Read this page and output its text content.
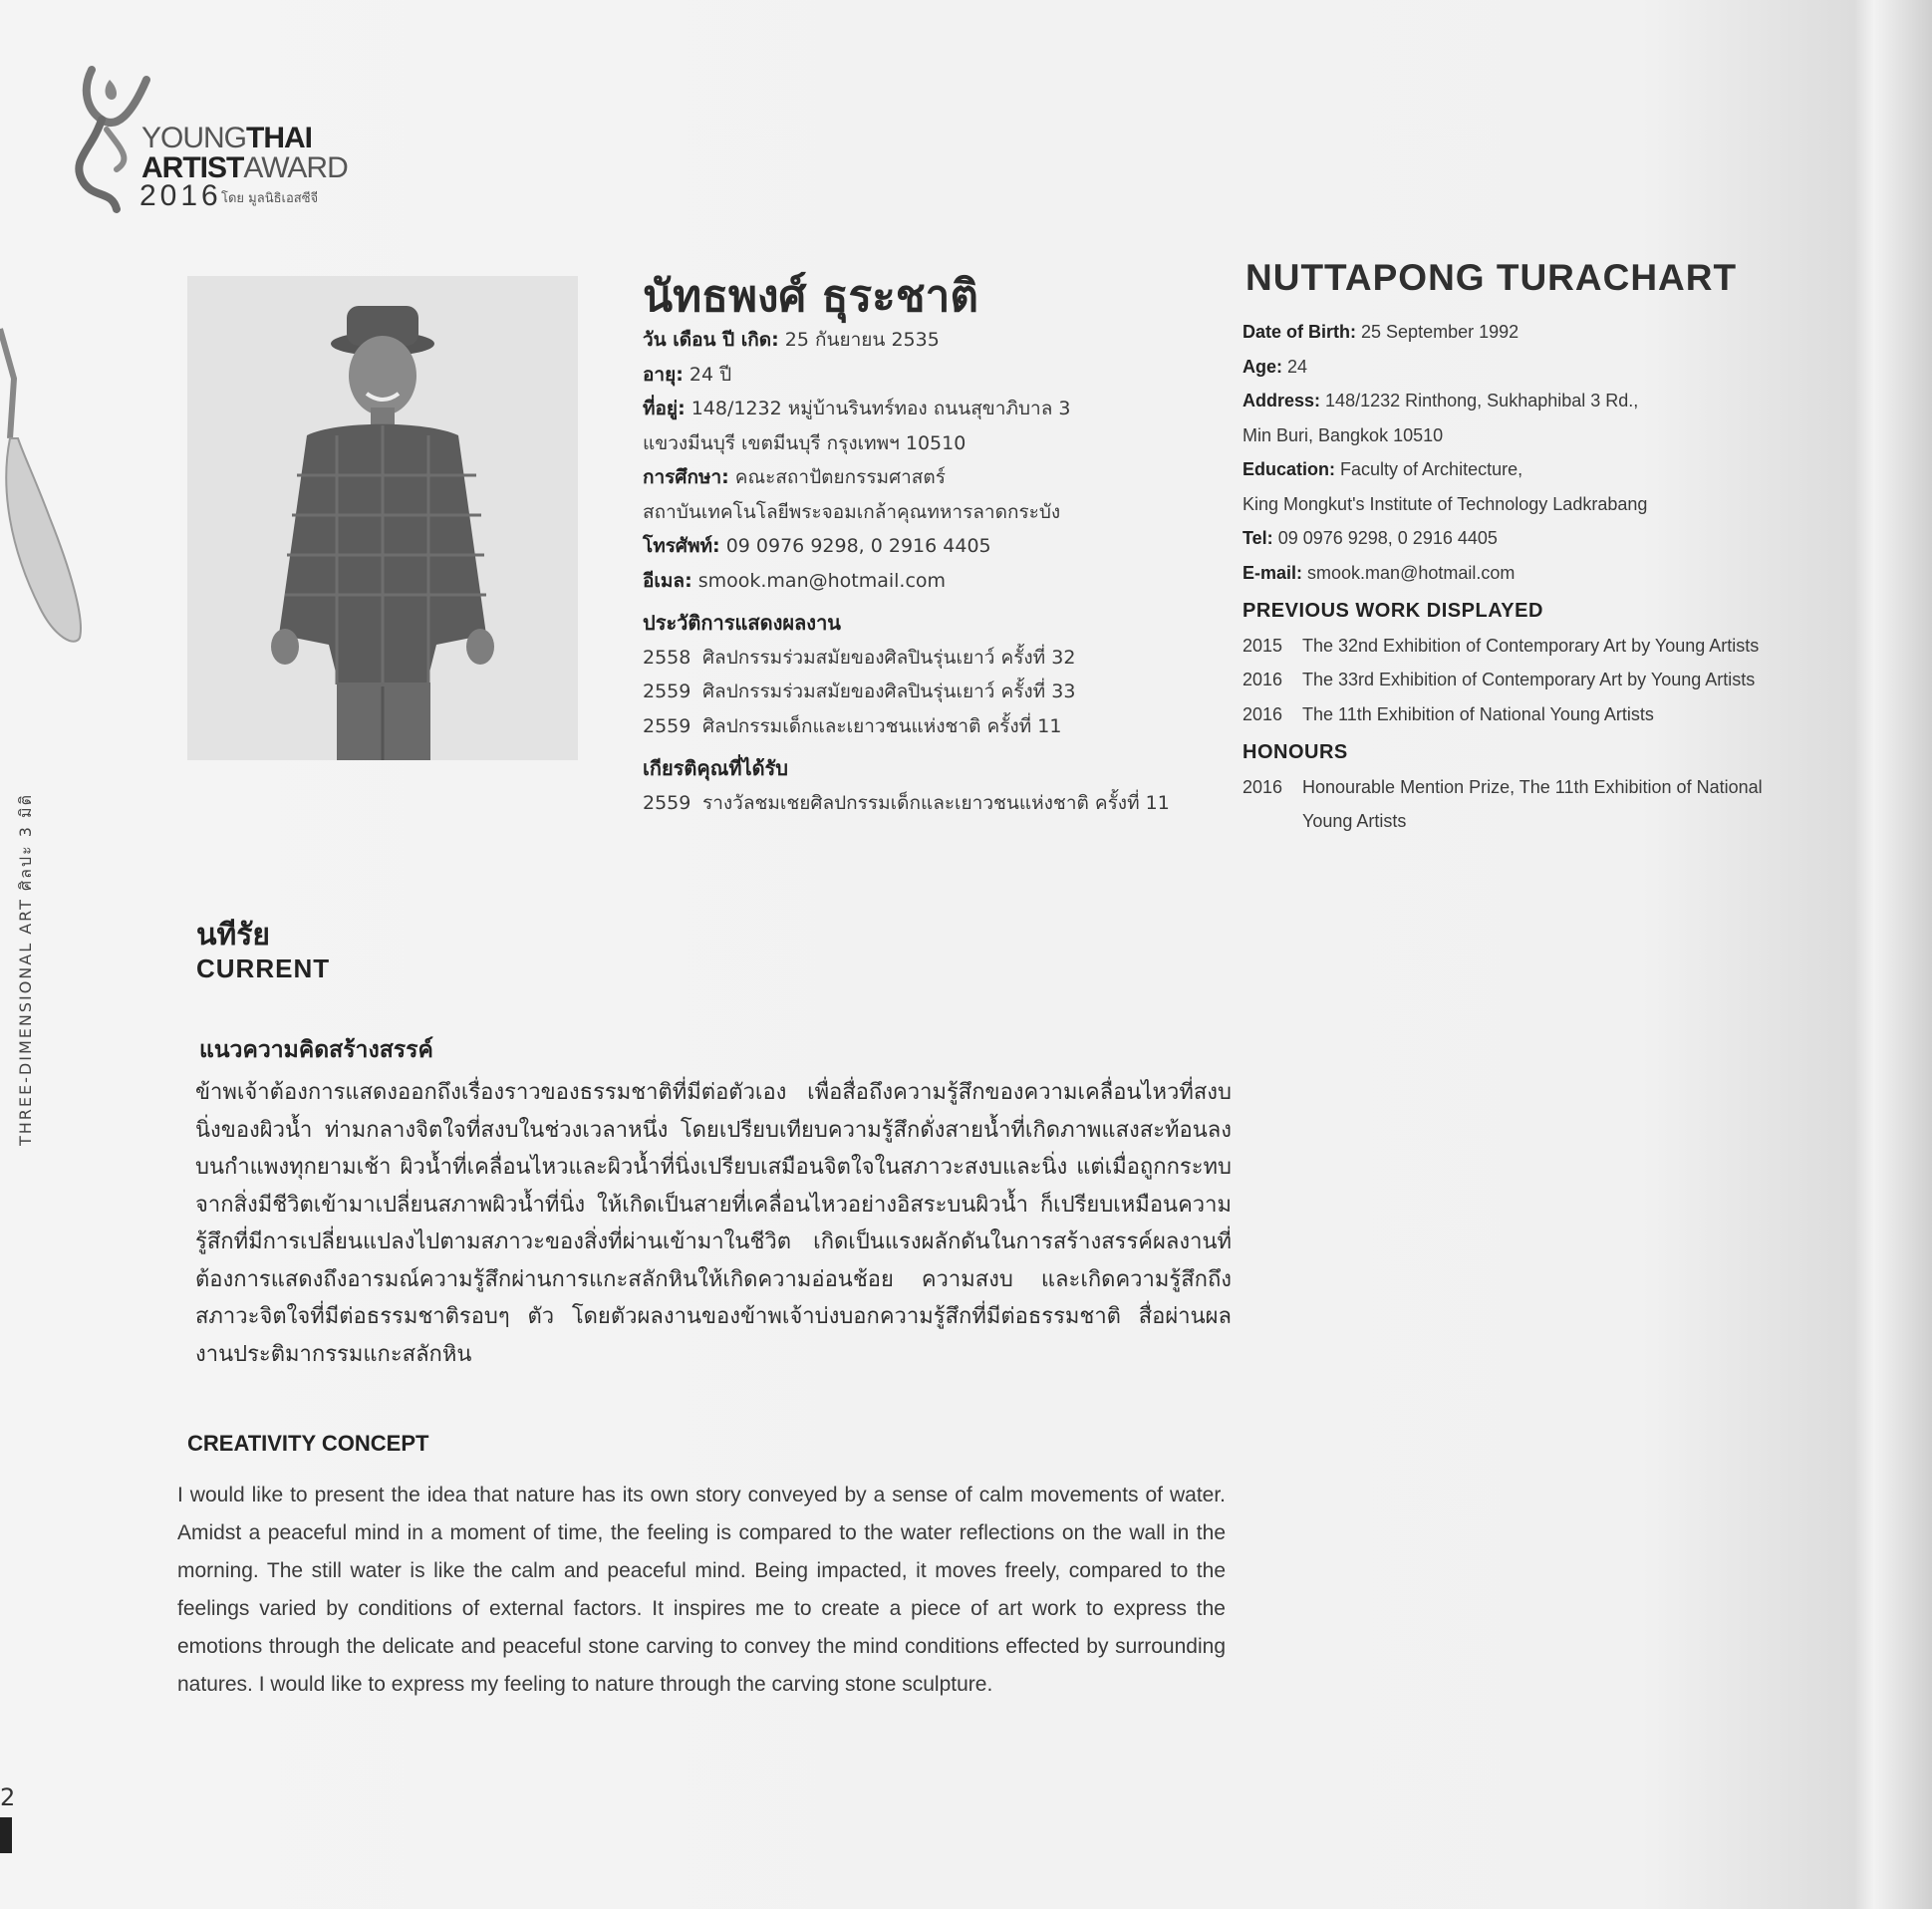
YOUNGTHAI
ARTISTAWARD
2016 โดย มูลนิธิเอสซีจี
นัทธพงศ์ ธุระชาติ	NUTTAPONG TURACHART
วัน เดือน ปี เกิด: 25 กันยายน 2535
อายุ: 24 ปี
ที่อยู่: 148/1232 หมู่บ้านรินทร์ทอง ถนนสุขาภิบาล 3
แขวงมีนบุรี เขตมีนบุรี กรุงเทพฯ 10510
การศึกษา: คณะสถาปัตยกรรมศาสตร์
สถาบันเทคโนโลยีพระจอมเกล้าคุณทหารลาดกระบัง
โทรศัพท์: 09 0976 9298, 0 2916 4405
อีเมล: smook.man@hotmail.com
ประวัติการแสดงผลงาน
2558 ศิลปกรรมร่วมสมัยของศิลปินรุ่นเยาว์ ครั้งที่ 32
2559 ศิลปกรรมร่วมสมัยของศิลปินรุ่นเยาว์ ครั้งที่ 33
2559 ศิลปกรรมเด็กและเยาวชนแห่งชาติ ครั้งที่ 11
เกียรติคุณที่ได้รับ
2559 รางวัลชมเชยศิลปกรรมเด็กและเยาวชนแห่งชาติ ครั้งที่ 11
Date of Birth: 25 September 1992
Age: 24
Address: 148/1232 Rinthong, Sukhaphibal 3 Rd.,
Min Buri, Bangkok 10510
Education: Faculty of Architecture,
King Mongkut's Institute of Technology Ladkrabang
Tel: 09 0976 9298, 0 2916 4405
E-mail: smook.man@hotmail.com
PREVIOUS WORK DISPLAYED
2015 The 32nd Exhibition of Contemporary Art by Young Artists
2016 The 33rd Exhibition of Contemporary Art by Young Artists
2016 The 11th Exhibition of National Young Artists
HONOURS
2016 Honourable Mention Prize, The 11th Exhibition of National Young Artists
นทีรัย
CURRENT
แนวความคิดสร้างสรรค์
ข้าพเจ้าต้องการแสดงออกถึงเรื่องราวของธรรมชาติที่มีต่อตัวเอง เพื่อสื่อถึงความรู้สึกของความเคลื่อนไหวที่สงบนิ่งของผิวน้ำ ท่ามกลางจิตใจที่สงบในช่วงเวลาหนึ่ง โดยเปรียบเทียบความรู้สึกดั่งสายน้ำที่เกิดภาพแสงสะท้อนลงบนกำแพงทุกยามเช้า ผิวน้ำที่เคลื่อนไหวและผิวน้ำที่นิ่งเปรียบเสมือนจิตใจในสภาวะสงบและนิ่ง แต่เมื่อถูกกระทบจากสิ่งมีชีวิตเข้ามาเปลี่ยนสภาพผิวน้ำที่นิ่ง ให้เกิดเป็นสายที่เคลื่อนไหวอย่างอิสระบนผิวน้ำ ก็เปรียบเหมือนความรู้สึกที่มีการเปลี่ยนแปลงไปตามสภาวะของสิ่งที่ผ่านเข้ามาในชีวิต เกิดเป็นแรงผลักดันในการสร้างสรรค์ผลงานที่ต้องการแสดงถึงอารมณ์ความรู้สึกผ่านการแกะสลักหินให้เกิดความอ่อนช้อย ความสงบ และเกิดความรู้สึกถึงสภาวะจิตใจที่มีต่อธรรมชาติรอบๆ ตัว โดยตัวผลงานของข้าพเจ้าบ่งบอกความรู้สึกที่มีต่อธรรมชาติ สื่อผ่านผลงานประติมากรรมแกะสลักหิน
CREATIVITY CONCEPT
I would like to present the idea that nature has its own story conveyed by a sense of calm movements of water. Amidst a peaceful mind in a moment of time, the feeling is compared to the water reflections on the wall in the morning. The still water is like the calm and peaceful mind. Being impacted, it moves freely, compared to the feelings varied by conditions of external factors. It inspires me to create a piece of art work to express the emotions through the delicate and peaceful stone carving to convey the mind conditions effected by surrounding natures. I would like to express my feeling to nature through the carving stone sculpture.
THREE-DIMENSIONAL ART ศิลปะ 3 มิติ
2
